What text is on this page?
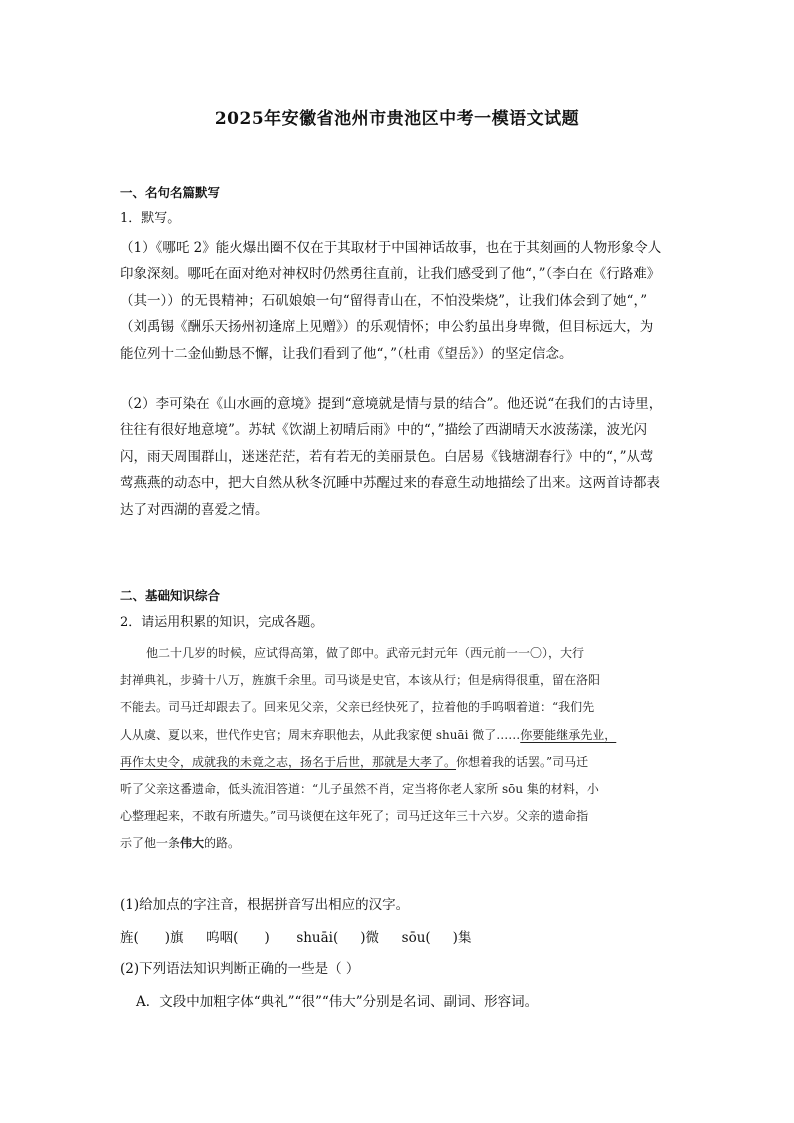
2025年安徽省池州市贵池区中考一模语文试题
一、名句名篇默写
1．默写。
（1）《哪吒 2》能火爆出圈不仅在于其取材于中国神话故事，也在于其刻画的人物形象令人
印象深刻。哪吒在面对绝对神权时仍然勇往直前，让我们感受到了他“，”（李白在《行路难》
（其一））的无畏精神；石矶娘娘一句“留得青山在，不怕没柴烧”，让我们体会到了她“，”
（刘禹锡《酬乐天扬州初逢席上见赠》）的乐观情怀；申公豹虽出身卑微，但目标远大，为
能位列十二金仙勤恳不懈，让我们看到了他“，”（杜甫《望岳》）的坚定信念。
（2）李可染在《山水画的意境》提到“意境就是情与景的结合”。他还说“在我们的古诗里，
往往有很好地意境”。苏轼《饮湖上初晴后雨》中的“，”描绘了西湖晴天水波荡漾，波光闪
闪，雨天周围群山，迷迷茫茫，若有若无的美丽景色。白居易《钱塘湖春行》中的“，”从莺
莺燕燕的动态中，把大自然从秋冬沉睡中苏醒过来的春意生动地描绘了出来。这两首诗都表
达了对西湖的喜爱之情。
二、基础知识综合
2．请运用积累的知识，完成各题。
他二十几岁的时候，应试得高第，做了郎中。武帝元封元年（西元前一一〇），大行
封禅典礼，步骑十八万，旌旗千余里。司马谈是史官，本该从行；但是病得很重，留在洛阳
不能去。司马迁却跟去了。回来见父亲，父亲已经快死了，拉着他的手呜咽着道：“我们先
人从虞、夏以来，世代作史官；周末弃职他去，从此我家便 shuāi 微了……你要能继承先业，
再作太史令，成就我的未竟之志，扬名于后世，那就是大孝了。你想着我的话罢。”司马迁
听了父亲这番遗命，低头流泪答道：“儿子虽然不肖，定当将你老人家所 sōu 集的材料，小
心整理起来，不敢有所遗失。”司马谈便在这年死了；司马迁这年三十六岁。父亲的遗命指
示了他一条伟大的路。
(1)给加点的字注音，根据拼音写出相应的汉字。
旌( )旗 呜咽( ) shuāi( )微 sōu( )集
(2)下列语法知识判断正确的一些是（ ）
A．文段中加粗字体“典礼”“很”“伟大”分别是名词、副词、形容词。
